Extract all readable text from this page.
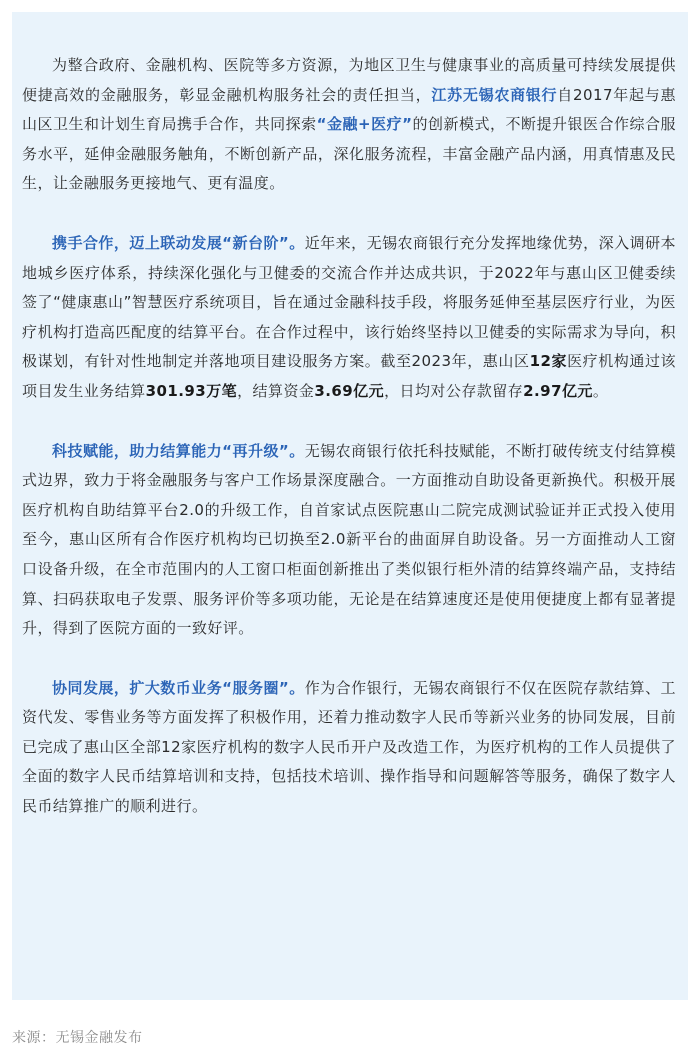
为整合政府、金融机构、医院等多方资源，为地区卫生与健康事业的高质量可持续发展提供便捷高效的金融服务，彰显金融机构服务社会的责任担当，江苏无锡农商银行自2017年起与惠山区卫生和计划生育局携手合作，共同探索“金融+医疗”的创新模式，不断提升银医合作综合服务水平，延伸金融服务触角，不断创新产品，深化服务流程，丰富金融产品内涵，用真情惠及民生，让金融服务更接地气、更有温度。

携手合作，迈上联动发展“新台阶”。近年来，无锡农商银行充分发挥地缘优势，深入调研本地城乡医疗体系，持续深化强化与卫健委的交流合作并达成共识，于2022年与惠山区卫健委续签了“健康惠山”智慧医疗系统项目，旨在通过金融科技手段，将服务延伸至基层医疗行业，为医疗机构打造高匹配度的结算平台。在合作过程中，该行始终坚持以卫健委的实际需求为导向，积极谋划，有针对性地制定并落地项目建设服务方案。截至2023年，惠山区12家医疗机构通过该项目发生业务结算301.93万笔，结算资金3.69亿元，日均对公存款留存2.97亿元。

科技赋能，助力结算能力“再升级”。无锡农商银行依托科技赋能，不断打破传统支付结算模式边界，致力于将金融服务与客户工作场景深度融合。一方面推动自助设备更新换代。积极开展医疗机构自助结算平台2.0的升级工作，自首家试点医院惠山二院完成测试验证并正式投入使用至今，惠山区所有合作医疗机构均已切换至2.0新平台的曲面屏自助设备。另一方面推动人工窗口设备升级，在全市范围内的人工窗口柜面创新推出了类似银行柜外清的结算终端产品，支持结算、扫码获取电子发票、服务评价等多项功能，无论是在结算速度还是使用便捷度上都有显著提升，得到了医院方面的一致好评。

协同发展，扩大数币业务“服务圈”。作为合作银行，无锡农商银行不仅在医院存款结算、工资代发、零售业务等方面发挥了积极作用，还着力推动数字人民币等新兴业务的协同发展，目前已完成了惠山区全部12家医疗机构的数字人民币开户及改造工作，为医疗机构的工作人员提供了全面的数字人民币结算培训和支持，包括技术培训、操作指导和问题解答等服务，确保了数字人民币结算推广的顺利进行。

来源：无锡金融发布
